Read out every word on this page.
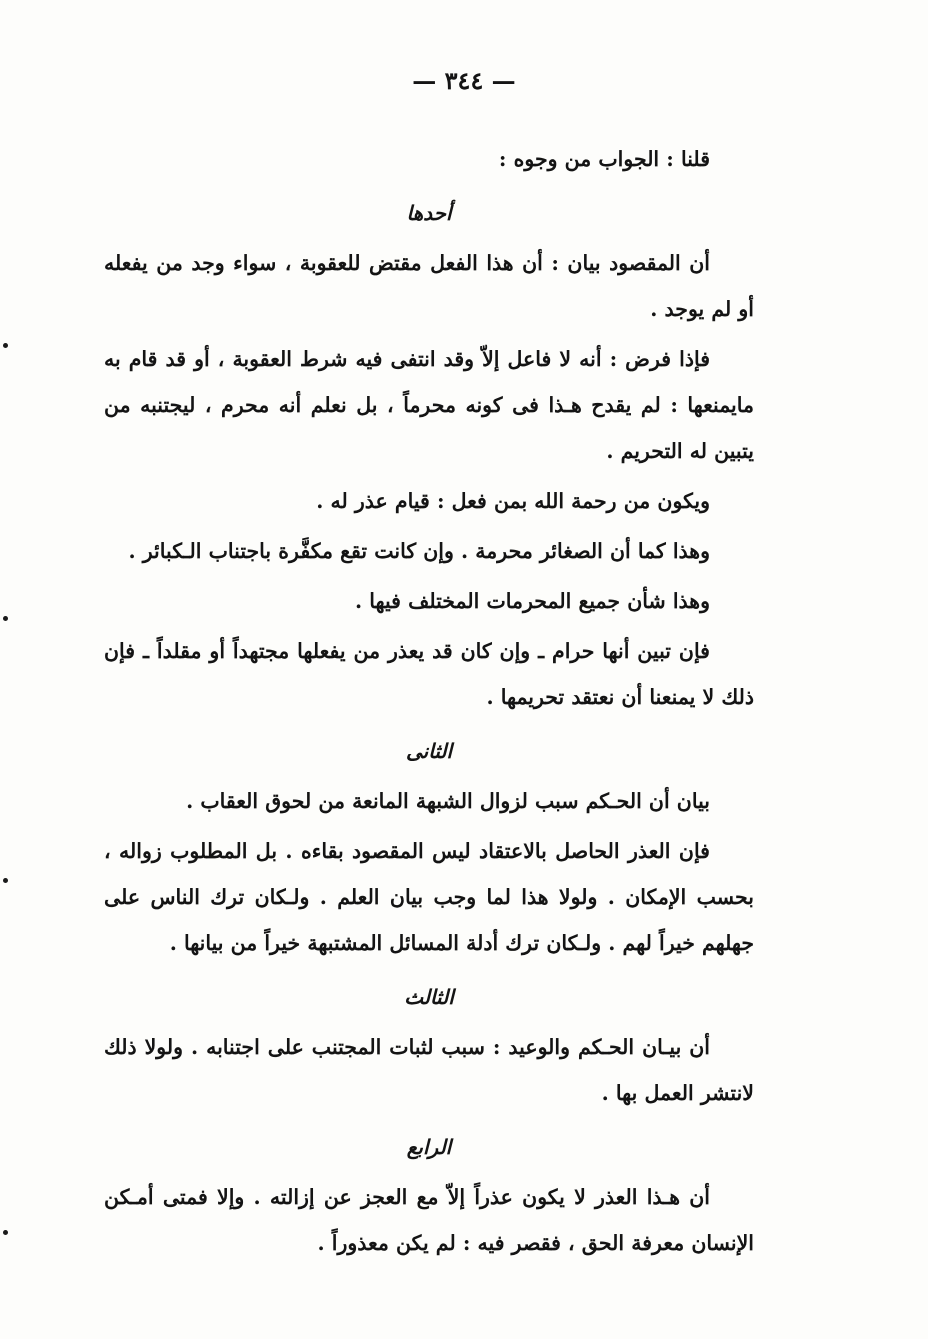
— ٣٤٤ —

قلنا : الجواب من وجوه :

أحدها

أن المقصود بيان : أن هذا الفعل مقتض للعقوبة ، سواء وجد من يفعله أو لم يوجد .

فإذا فرض : أنه لا فاعل إلاّ وقد انتفى فيه شرط العقوبة ، أو قد قام به مايمنعها : لم يقدح هـذا فى كونه محرماً ، بل نعلم أنه محرم ، ليجتنبه من يتبين له التحريم .

ويكون من رحمة الله بمن فعل : قيام عذر له .

وهذا كما أن الصغائر محرمة . وإن كانت تقع مكفَّرة باجتناب الـكبائر .

وهذا شأن جميع المحرمات المختلف فيها .

فإن تبين أنها حرام ـ وإن كان قد يعذر من يفعلها مجتهداً أو مقلداً ـ فإن ذلك لا يمنعنا أن نعتقد تحريمها .

الثانى

بيان أن الحـكم سبب لزوال الشبهة المانعة من لحوق العقاب .

فإن العذر الحاصل بالاعتقاد ليس المقصود بقاءه . بل المطلوب زواله ، بحسب الإمكان . ولولا هذا لما وجب بيان العلم . ولـكان ترك الناس على جهلهم خيراً لهم . ولـكان ترك أدلة المسائل المشتبهة خيراً من بيانها .

الثالث

أن بيـان الحـكم والوعيد : سبب لثبات المجتنب على اجتنابه . ولولا ذلك لانتشر العمل بها .

الرابع

أن هـذا العذر لا يكون عذراً إلاّ مع العجز عن إزالته . وإلا فمتى أمـكن الإنسان معرفة الحق ، فقصر فيه : لم يكن معذوراً .
